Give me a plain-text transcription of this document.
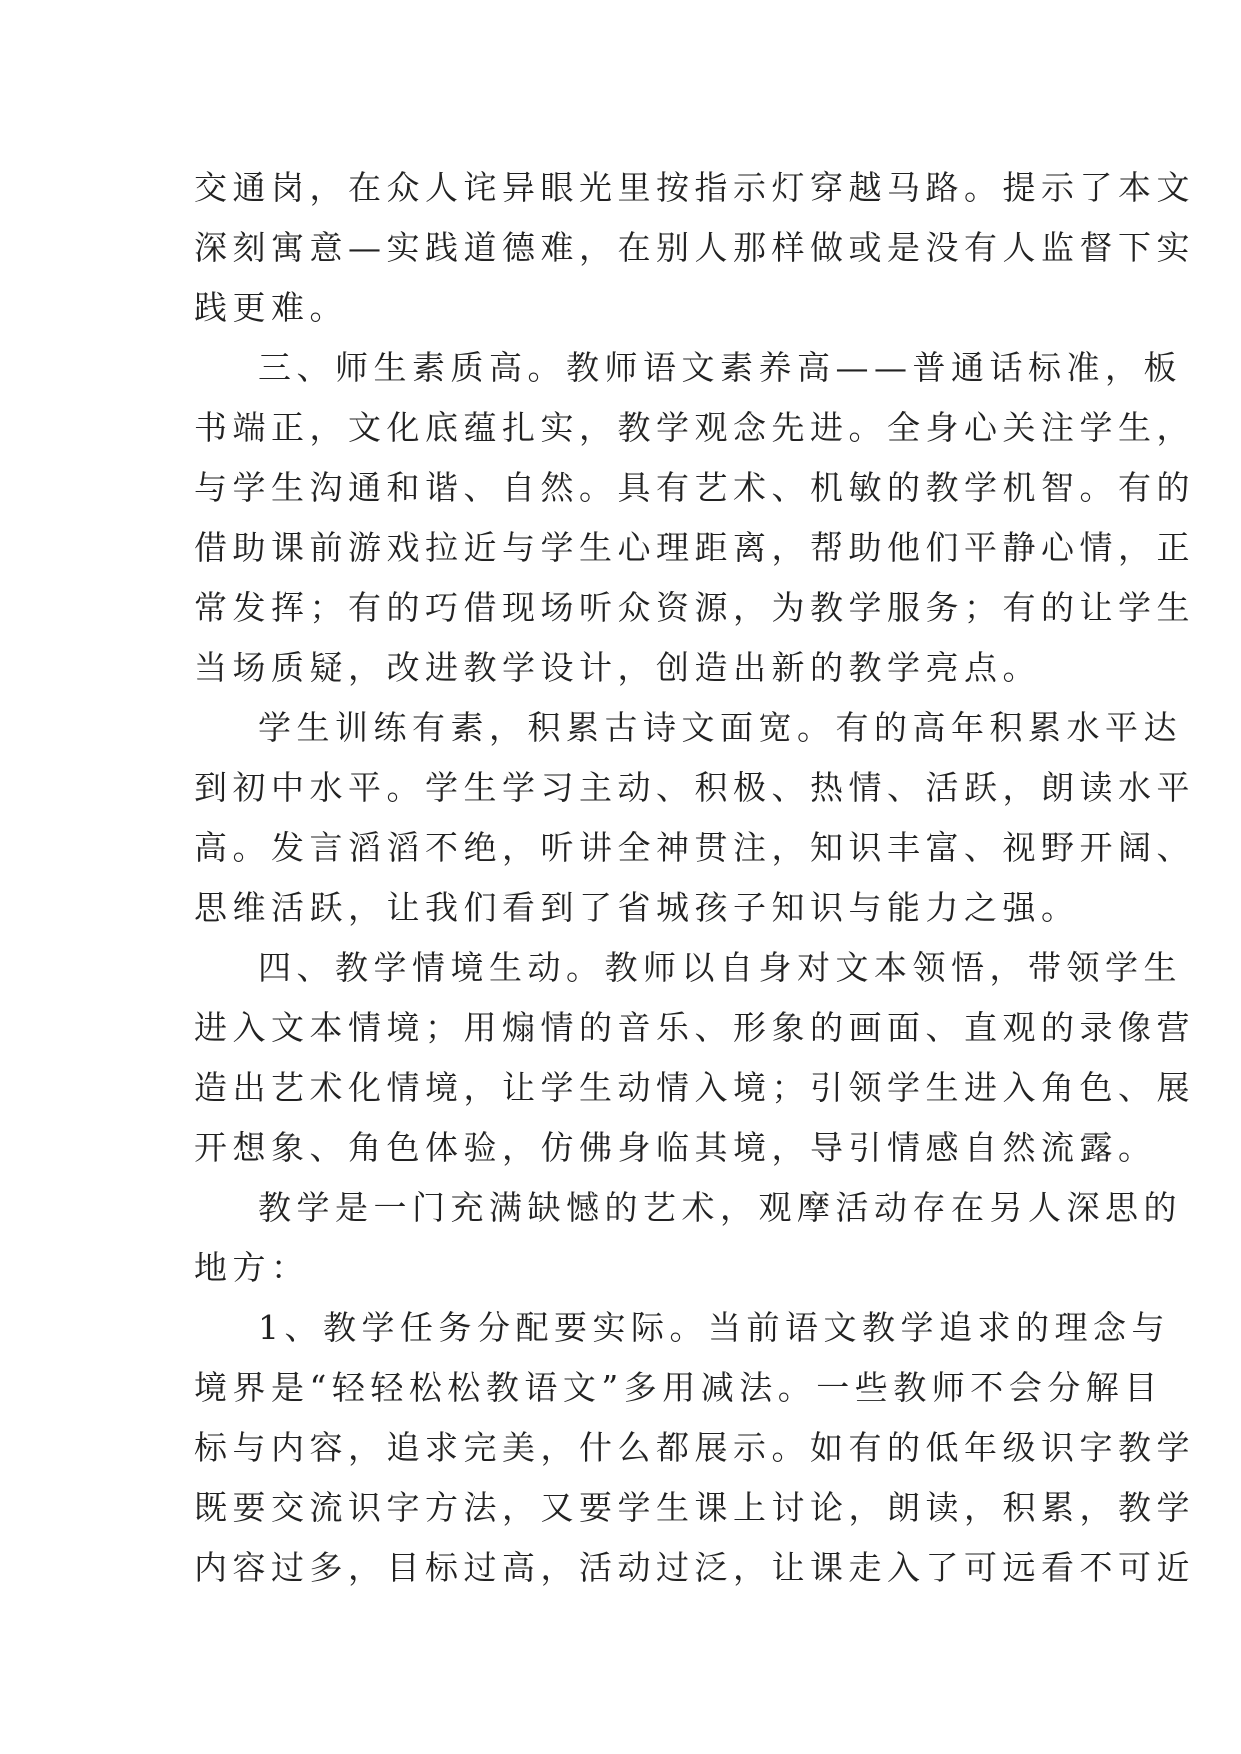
交通岗，在众人诧异眼光里按指示灯穿越马路。提示了本文

深刻寓意—实践道德难，在别人那样做或是没有人监督下实

践更难。

三、师生素质高。教师语文素养高——普通话标准，板

书端正，文化底蕴扎实，教学观念先进。全身心关注学生，

与学生沟通和谐、自然。具有艺术、机敏的教学机智。有的

借助课前游戏拉近与学生心理距离，帮助他们平静心情，正

常发挥；有的巧借现场听众资源，为教学服务；有的让学生

当场质疑，改进教学设计，创造出新的教学亮点。

学生训练有素，积累古诗文面宽。有的高年积累水平达

到初中水平。学生学习主动、积极、热情、活跃，朗读水平

高。发言滔滔不绝，听讲全神贯注，知识丰富、视野开阔、

思维活跃，让我们看到了省城孩子知识与能力之强。

四、教学情境生动。教师以自身对文本领悟，带领学生

进入文本情境；用煽情的音乐、形象的画面、直观的录像营

造出艺术化情境，让学生动情入境；引领学生进入角色、展

开想象、角色体验，仿佛身临其境，导引情感自然流露。

教学是一门充满缺憾的艺术，观摩活动存在另人深思的

地方：

1、教学任务分配要实际。当前语文教学追求的理念与

境界是“轻轻松松教语文”多用减法。一些教师不会分解目

标与内容，追求完美，什么都展示。如有的低年级识字教学

既要交流识字方法，又要学生课上讨论，朗读，积累，教学

内容过多，目标过高，活动过泛，让课走入了可远看不可近
